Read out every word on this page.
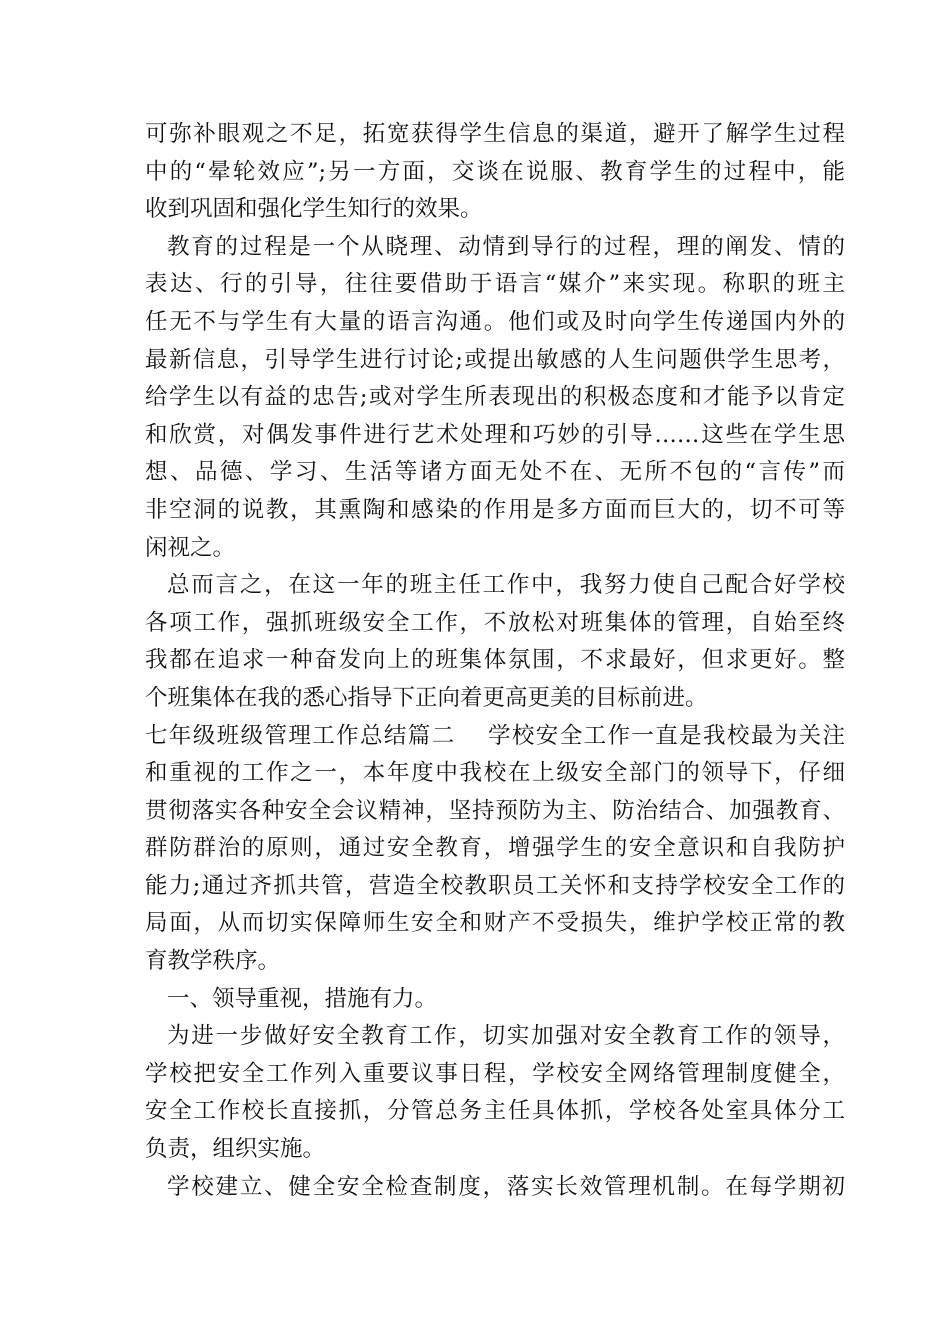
可弥补眼观之不足，拓宽获得学生信息的渠道，避开了解学生过程
中的“晕轮效应”;另一方面，交谈在说服、教育学生的过程中，能
收到巩固和强化学生知行的效果。
教育的过程是一个从晓理、动情到导行的过程，理的阐发、情的
表达、行的引导，往往要借助于语言“媒介”来实现。称职的班主
任无不与学生有大量的语言沟通。他们或及时向学生传递国内外的
最新信息，引导学生进行讨论;或提出敏感的人生问题供学生思考，
给学生以有益的忠告;或对学生所表现出的积极态度和才能予以肯定
和欣赏，对偶发事件进行艺术处理和巧妙的引导……这些在学生思
想、品德、学习、生活等诸方面无处不在、无所不包的“言传”而
非空洞的说教，其熏陶和感染的作用是多方面而巨大的，切不可等
闲视之。
总而言之，在这一年的班主任工作中，我努力使自己配合好学校
各项工作，强抓班级安全工作，不放松对班集体的管理，自始至终
我都在追求一种奋发向上的班集体氛围，不求最好，但求更好。整
个班集体在我的悉心指导下正向着更高更美的目标前进。
七年级班级管理工作总结篇二　 学校安全工作一直是我校最为关注
和重视的工作之一，本年度中我校在上级安全部门的领导下，仔细
贯彻落实各种安全会议精神，坚持预防为主、防治结合、加强教育、
群防群治的原则，通过安全教育，增强学生的安全意识和自我防护
能力;通过齐抓共管，营造全校教职员工关怀和支持学校安全工作的
局面，从而切实保障师生安全和财产不受损失，维护学校正常的教
育教学秩序。
一、领导重视，措施有力。
为进一步做好安全教育工作，切实加强对安全教育工作的领导，
学校把安全工作列入重要议事日程，学校安全网络管理制度健全，
安全工作校长直接抓，分管总务主任具体抓，学校各处室具体分工
负责，组织实施。
学校建立、健全安全检查制度，落实长效管理机制。在每学期初
